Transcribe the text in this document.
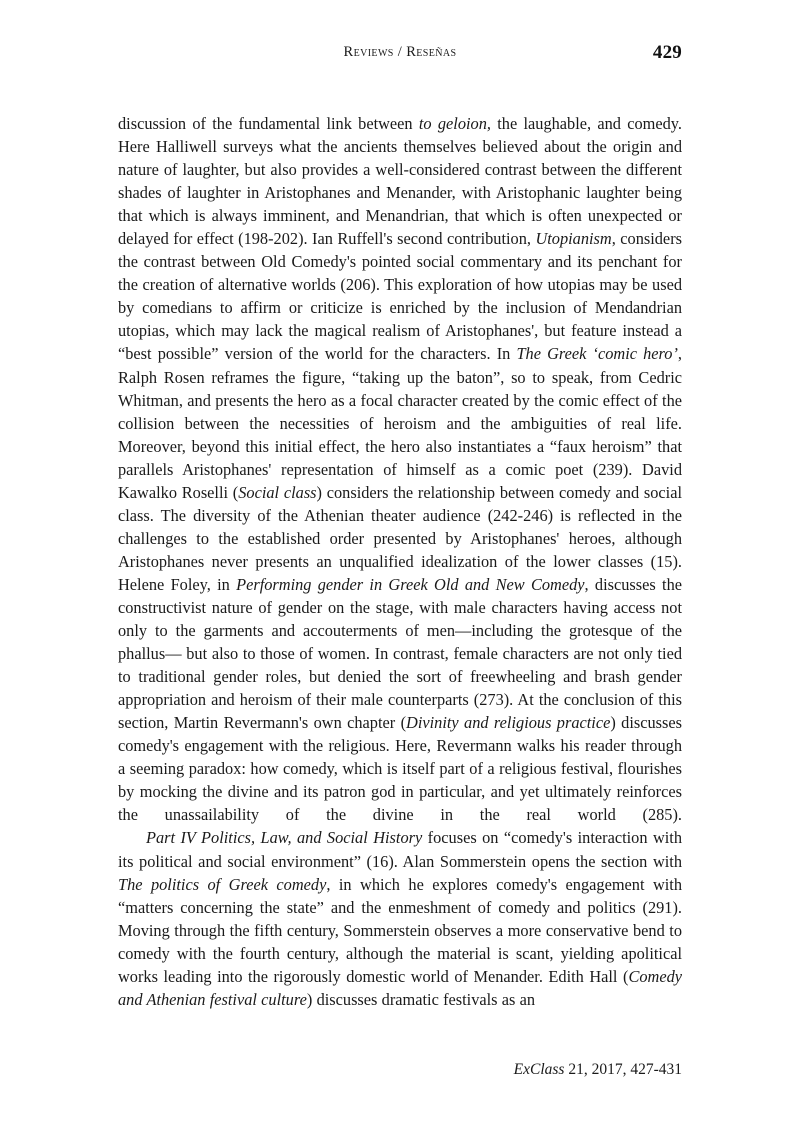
Reviews / Reseñas	429

discussion of the fundamental link between to geloion, the laughable, and comedy. Here Halliwell surveys what the ancients themselves believed about the origin and nature of laughter, but also provides a well-considered contrast between the different shades of laughter in Aristophanes and Menander, with Aristophanic laughter being that which is always imminent, and Menandrian, that which is often unexpected or delayed for effect (198-202). Ian Ruffell's second contribution, Utopianism, considers the contrast between Old Comedy's pointed social commentary and its penchant for the creation of alternative worlds (206). This exploration of how utopias may be used by comedians to affirm or criticize is enriched by the inclusion of Mendandrian utopias, which may lack the magical realism of Aristophanes', but feature instead a “best possible” version of the world for the characters. In The Greek ‘comic hero’, Ralph Rosen reframes the figure, “taking up the baton”, so to speak, from Cedric Whitman, and presents the hero as a focal character created by the comic effect of the collision between the necessities of heroism and the ambiguities of real life. Moreover, beyond this initial effect, the hero also instantiates a “faux heroism” that parallels Aristophanes' representation of himself as a comic poet (239). David Kawalko Roselli (Social class) considers the relationship between comedy and social class. The diversity of the Athenian theater audience (242-246) is reflected in the challenges to the established order presented by Aristophanes' heroes, although Aristophanes never presents an unqualified idealization of the lower classes (15). Helene Foley, in Performing gender in Greek Old and New Comedy, discusses the constructivist nature of gender on the stage, with male characters having access not only to the garments and accouterments of men—including the grotesque of the phallus— but also to those of women. In contrast, female characters are not only tied to traditional gender roles, but denied the sort of freewheeling and brash gender appropriation and heroism of their male counterparts (273). At the conclusion of this section, Martin Revermann's own chapter (Divinity and religious practice) discusses comedy's engagement with the religious. Here, Revermann walks his reader through a seeming paradox: how comedy, which is itself part of a religious festival, flourishes by mocking the divine and its patron god in particular, and yet ultimately reinforces the unassailability of the divine in the real world (285).

Part IV Politics, Law, and Social History focuses on “comedy's interaction with its political and social environment” (16). Alan Sommerstein opens the section with The politics of Greek comedy, in which he explores comedy's engagement with “matters concerning the state” and the enmeshment of comedy and politics (291). Moving through the fifth century, Sommerstein observes a more conservative bend to comedy with the fourth century, although the material is scant, yielding apolitical works leading into the rigorously domestic world of Menander. Edith Hall (Comedy and Athenian festival culture) discusses dramatic festivals as an

ExClass 21, 2017, 427-431
